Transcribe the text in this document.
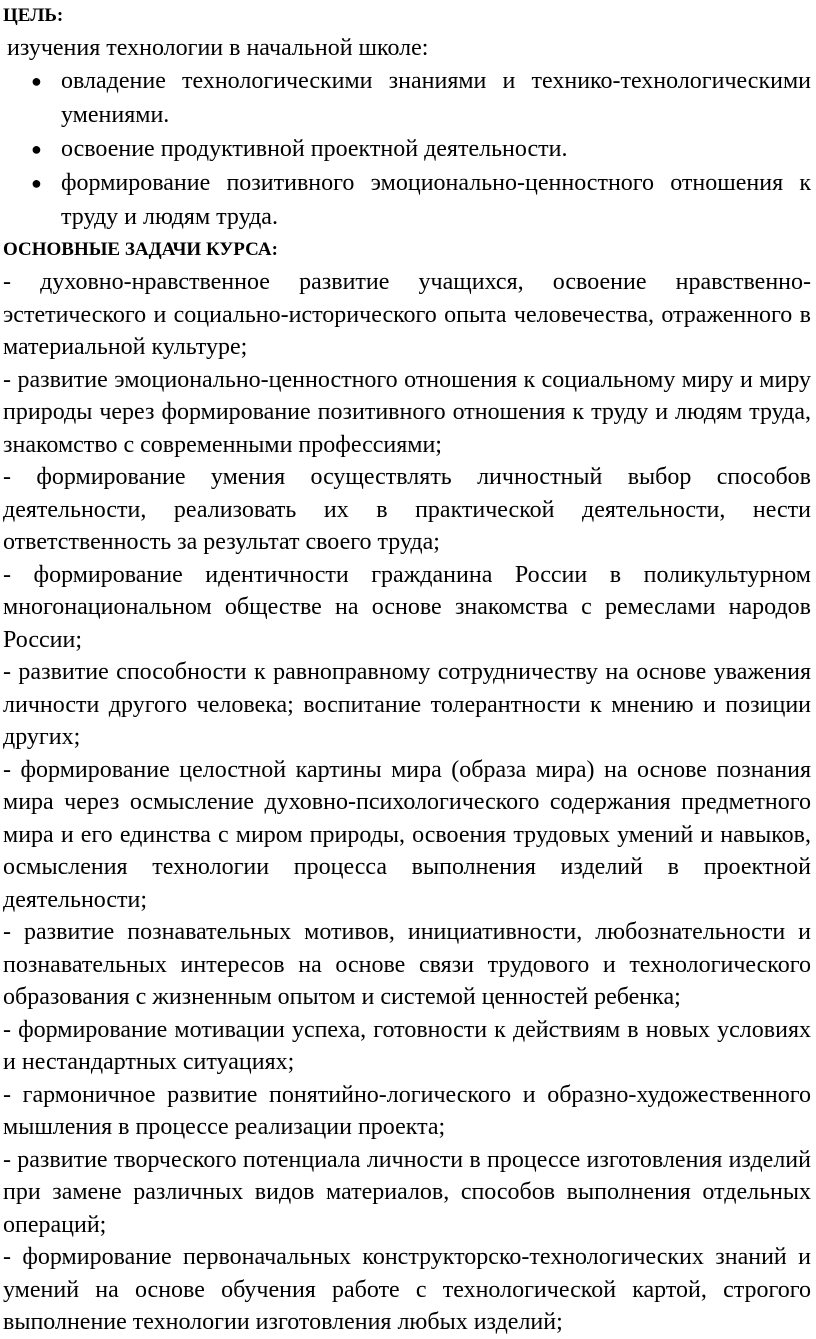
ЦЕЛЬ:

изучения технологии в начальной школе:

● овладение технологическими знаниями и технико-технологическими умениями.
● освоение продуктивной проектной деятельности.
● формирование позитивного эмоционально-ценностного отношения к труду и людям труда.

ОСНОВНЫЕ ЗАДАЧИ КУРСА:

- духовно-нравственное развитие учащихся, освоение нравственно-эстетического и социально-исторического опыта человечества, отраженного в материальной культуре;

- развитие эмоционально-ценностного отношения к социальному миру и миру природы через формирование позитивного отношения к труду и людям труда, знакомство с современными профессиями;

- формирование умения осуществлять личностный выбор способов деятельности, реализовать их в практической деятельности, нести ответственность за результат своего труда;

- формирование идентичности гражданина России в поликультурном многонациональном обществе на основе знакомства с ремеслами народов России;

- развитие способности к равноправному сотрудничеству на основе уважения личности другого человека; воспитание толерантности к мнению и позиции других;

- формирование целостной картины мира (образа мира) на основе познания мира через осмысление духовно-психологического содержания предметного мира и его единства с миром природы, освоения трудовых умений и навыков, осмысления технологии процесса выполнения изделий в проектной деятельности;

- развитие познавательных мотивов, инициативности, любознательности и познавательных интересов на основе связи трудового и технологического образования с жизненным опытом и системой ценностей ребенка;

- формирование мотивации успеха, готовности к действиям в новых условиях и нестандартных ситуациях;

- гармоничное развитие понятийно-логического и образно-художественного мышления в процессе реализации проекта;

- развитие творческого потенциала личности в процессе изготовления изделий при замене различных видов материалов, способов выполнения отдельных операций;

- формирование первоначальных конструкторско-технологических знаний и умений на основе обучения работе с технологической картой, строгого выполнение технологии изготовления любых изделий;
